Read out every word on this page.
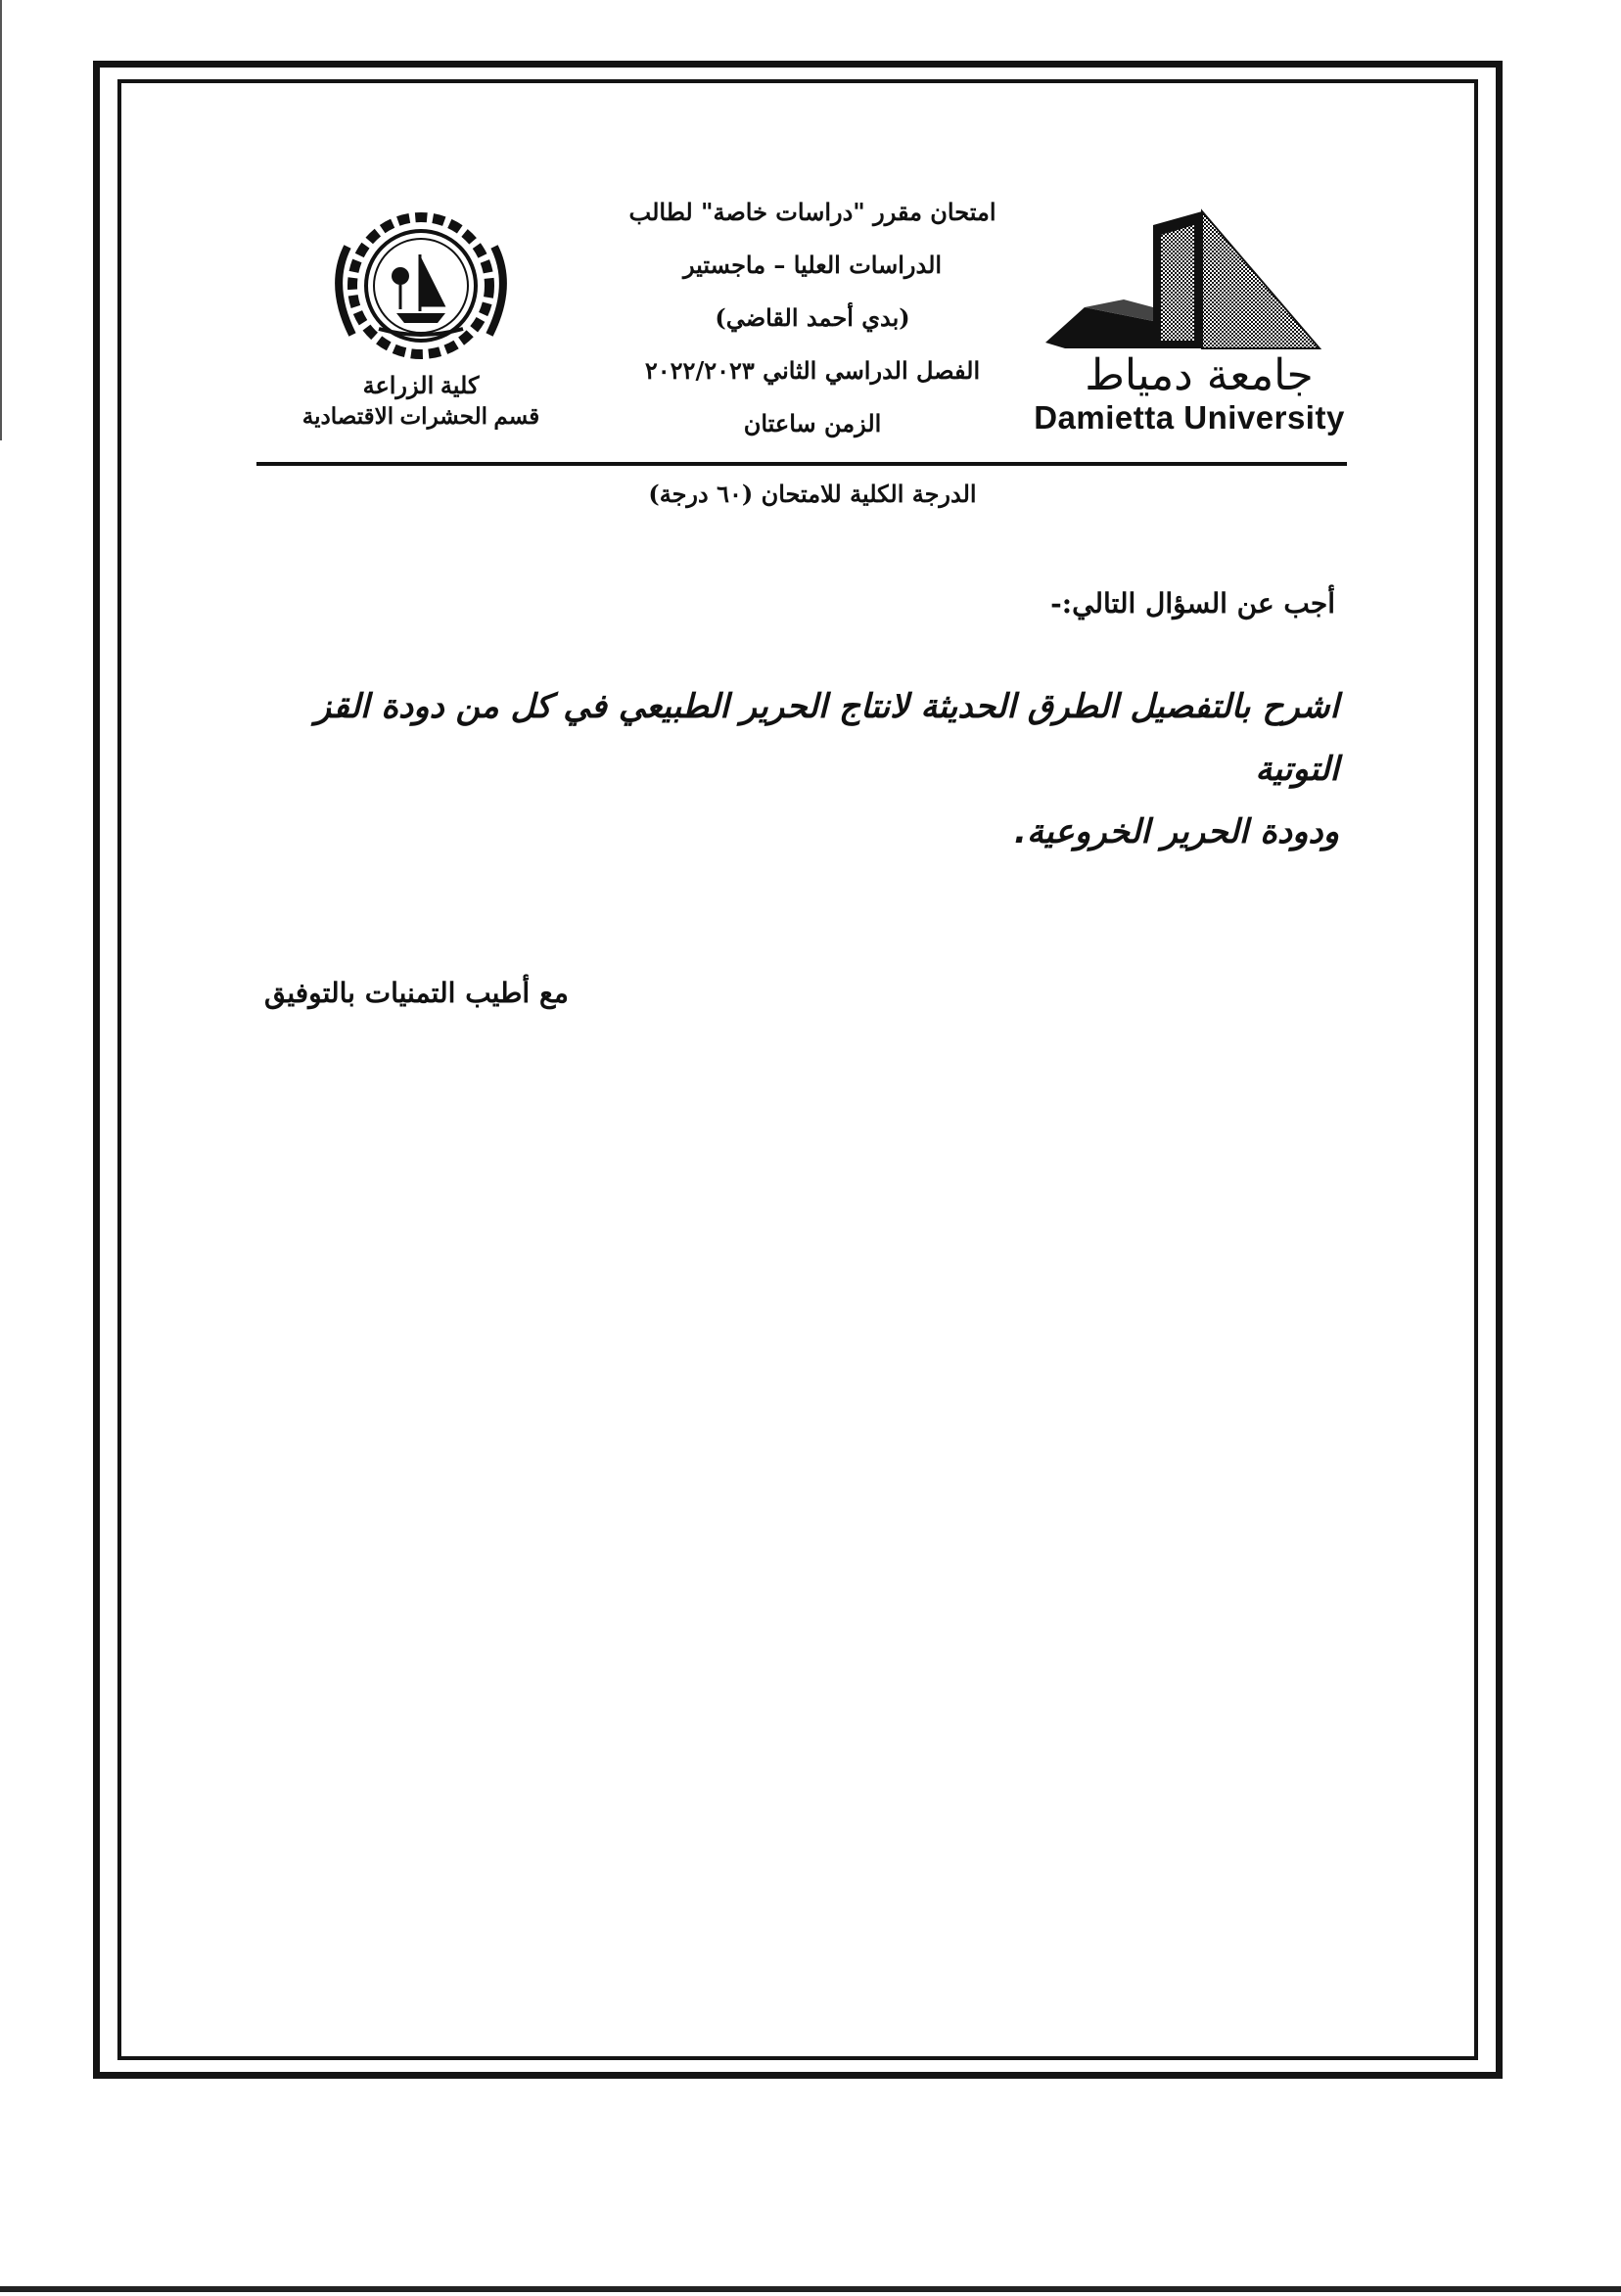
جامعة دمياط
Damietta University
كلية الزراعة
قسم الحشرات الاقتصادية
امتحان مقرر "دراسات خاصة" لطالب
الدراسات العليا – ماجستير
(بدي أحمد القاضي)
الفصل الدراسي الثاني ٢٠٢٢/٢٠٢٣
الزمن ساعتان
الدرجة الكلية للامتحان (٦٠ درجة)
أجب عن السؤال التالي:-
اشرح بالتفصيل الطرق الحديثة لانتاج الحرير الطبيعي في كل من دودة القز التوتية
ودودة الحرير الخروعية.
مع أطيب التمنيات بالتوفيق
